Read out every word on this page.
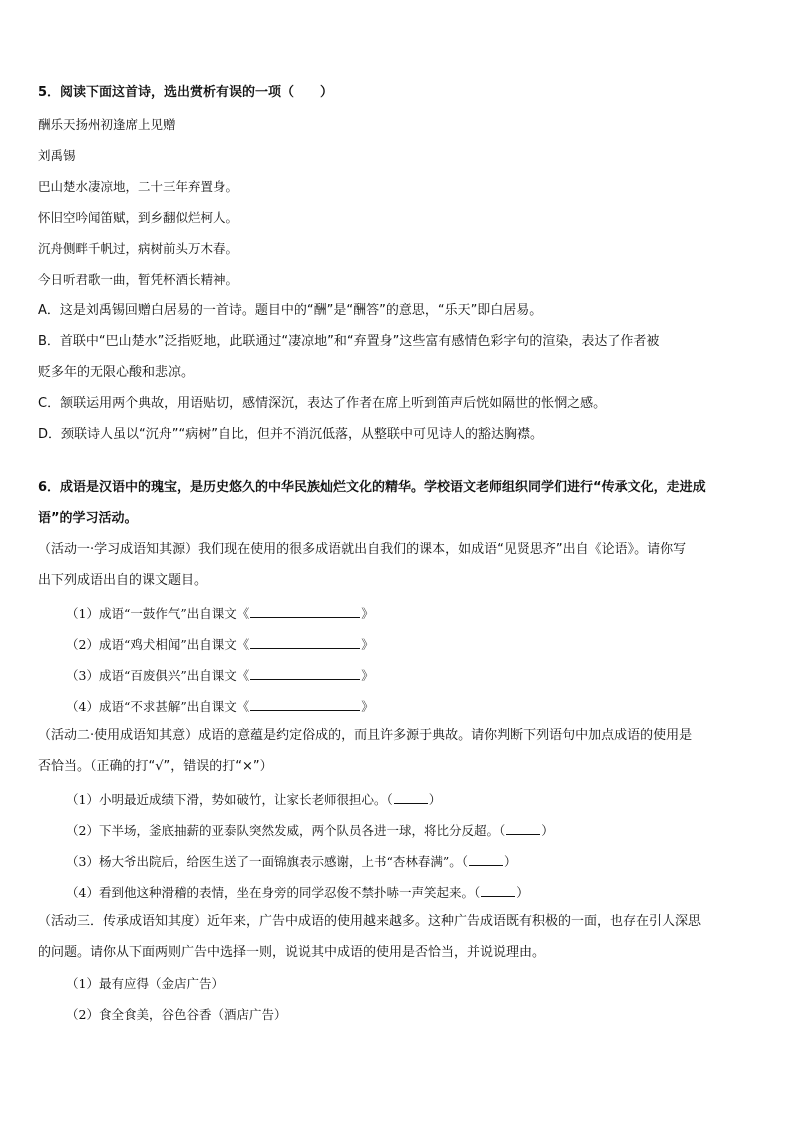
5．阅读下面这首诗，选出赏析有误的一项（　　）
酬乐天扬州初逢席上见赠
刘禹锡
巴山楚水凄凉地，二十三年弃置身。
怀旧空吟闻笛赋，到乡翻似烂柯人。
沉舟侧畔千帆过，病树前头万木春。
今日听君歌一曲，暂凭杯酒长精神。
A．这是刘禹锡回赠白居易的一首诗。题目中的“酬”是“酬答”的意思，“乐天”即白居易。
B．首联中“巴山楚水”泛指贬地，此联通过“凄凉地”和“弃置身”这些富有感情色彩字句的渲染，表达了作者被
贬多年的无限心酸和悲凉。
C．颔联运用两个典故，用语贴切，感情深沉，表达了作者在席上听到笛声后恍如隔世的怅惘之感。
D．颈联诗人虽以“沉舟”“病树”自比，但并不消沉低落，从整联中可见诗人的豁达胸襟。
6．成语是汉语中的瑰宝，是历史悠久的中华民族灿烂文化的精华。学校语文老师组织同学们进行“传承文化，走进成
语”的学习活动。
（活动一·学习成语知其源）我们现在使用的很多成语就出自我们的课本，如成语“见贤思齐”出自《论语》。请你写
出下列成语出自的课文题目。
（1）成语“一鼓作气”出自课文《	》
（2）成语“鸡犬相闻”出自课文《	》
（3）成语“百废俱兴”出自课文《	》
（4）成语“不求甚解”出自课文《	》
（活动二·使用成语知其意）成语的意蕴是约定俗成的，而且许多源于典故。请你判断下列语句中加点成语的使用是
否恰当。（正确的打“√”，错误的打“×”）
（1）小明最近成绩下滑，势如破竹，让家长老师很担心。（	）
（2）下半场，釜底抽薪的亚泰队突然发威，两个队员各进一球，将比分反超。（	）
（3）杨大爷出院后，给医生送了一面锦旗表示感谢，上书“杏林春满”。（	）
（4）看到他这种滑稽的表情，坐在身旁的同学忍俊不禁扑哧一声笑起来。（	）
（活动三．传承成语知其度）近年来，广告中成语的使用越来越多。这种广告成语既有积极的一面，也存在引人深思
的问题。请你从下面两则广告中选择一则，说说其中成语的使用是否恰当，并说说理由。
（1）最有应得（金店广告）
（2）食全食美，谷色谷香（酒店广告）
